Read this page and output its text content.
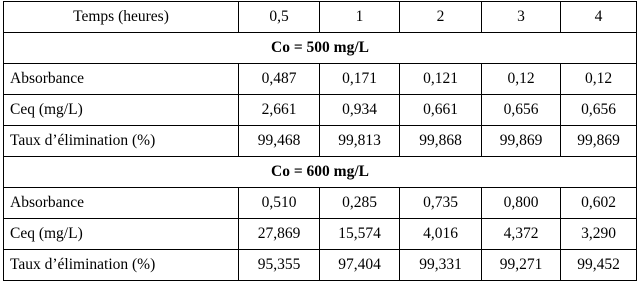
Temps (heures)	0,5	1	2	3	4
Co = 500 mg/L					
Absorbance	0,487	0,171	0,121	0,12	0,12
Ceq (mg/L)	2,661	0,934	0,661	0,656	0,656
Taux d’élimination (%)	99,468	99,813	99,868	99,869	99,869
Co = 600 mg/L					
Absorbance	0,510	0,285	0,735	0,800	0,602
Ceq (mg/L)	27,869	15,574	4,016	4,372	3,290
Taux d’élimination (%)	95,355	97,404	99,331	99,271	99,452
